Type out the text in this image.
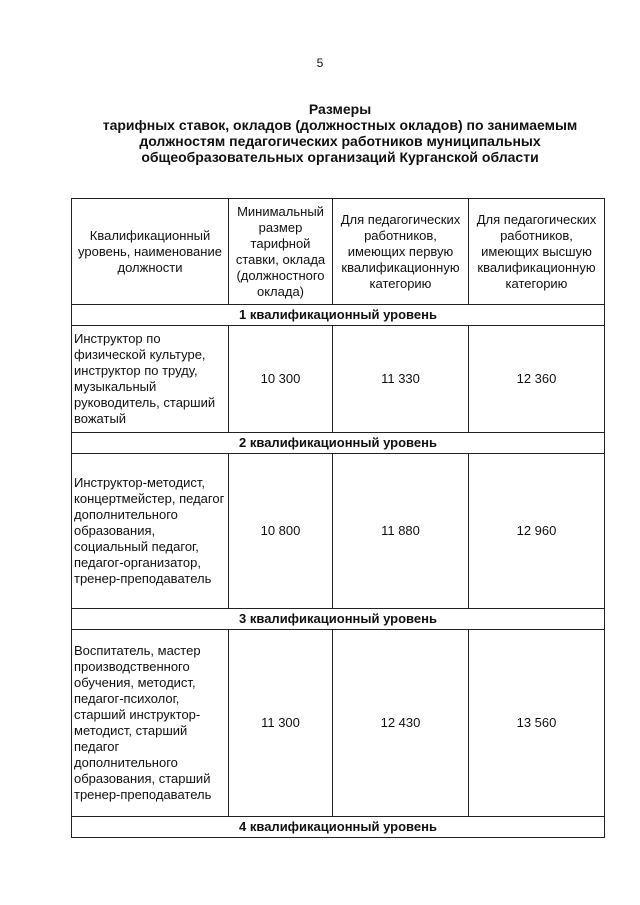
5
Размеры
тарифных ставок, окладов (должностных окладов) по занимаемым
должностям педагогических работников муниципальных
общеобразовательных организаций Курганской области
Квалификационный уровень, наименование должности	Минимальный размер тарифной ставки, оклада (должностного оклада)	Для педагогических работников, имеющих первую квалификационную категорию	Для педагогических работников, имеющих высшую квалификационную категорию
1 квалификационный уровень			
Инструктор по физической культуре, инструктор по труду, музыкальный руководитель, старший вожатый	10 300	11 330	12 360
2 квалификационный уровень			
Инструктор-методист, концертмейстер, педагог дополнительного образования, социальный педагог, педагог-организатор, тренер-преподаватель	10 800	11 880	12 960
3 квалификационный уровень			
Воспитатель, мастер производственного обучения, методист, педагог-психолог, старший инструктор-методист, старший педагог дополнительного образования, старший тренер-преподаватель	11 300	12 430	13 560
4 квалификационный уровень			
